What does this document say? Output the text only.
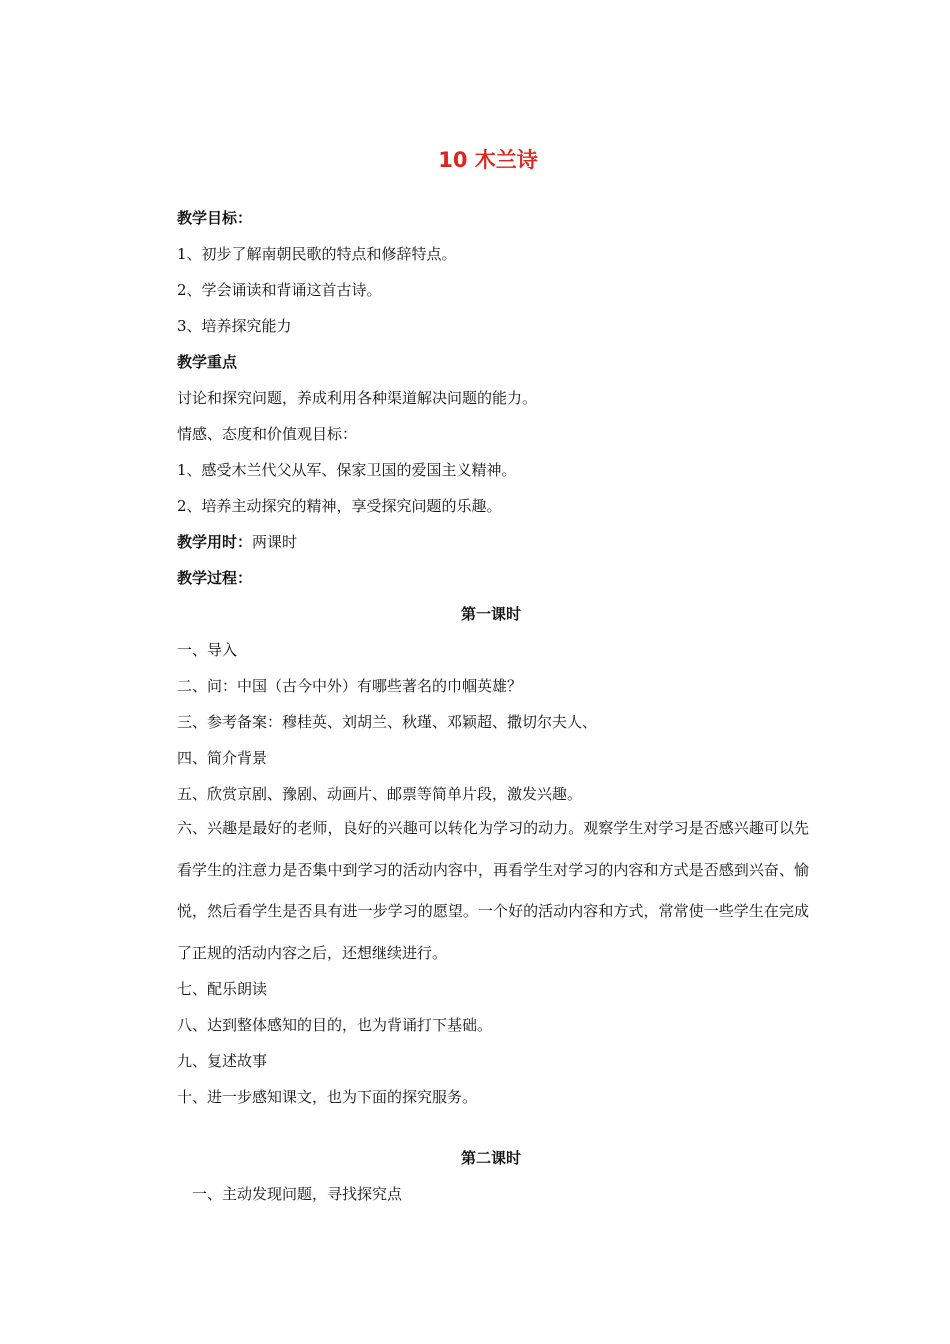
10 木兰诗
教学目标：
1、初步了解南朝民歌的特点和修辞特点。
2、学会诵读和背诵这首古诗。
3、培养探究能力
教学重点
讨论和探究问题，养成利用各种渠道解决问题的能力。
情感、态度和价值观目标：
1、感受木兰代父从军、保家卫国的爱国主义精神。
2、培养主动探究的精神，享受探究问题的乐趣。
教学用时：两课时
教学过程：
第一课时
一、导入
二、问：中国（古今中外）有哪些著名的巾帼英雄？
三、参考备案：穆桂英、刘胡兰、秋瑾、邓颖超、撒切尔夫人、
四、简介背景
五、欣赏京剧、豫剧、动画片、邮票等简单片段，激发兴趣。
六、兴趣是最好的老师，良好的兴趣可以转化为学习的动力。观察学生对学习是否感兴趣可以先看学生的注意力是否集中到学习的活动内容中，再看学生对学习的内容和方式是否感到兴奋、愉悦，然后看学生是否具有进一步学习的愿望。一个好的活动内容和方式，常常使一些学生在完成了正规的活动内容之后，还想继续进行。
七、配乐朗读
八、达到整体感知的目的，也为背诵打下基础。
九、复述故事
十、进一步感知课文，也为下面的探究服务。
第二课时
一、主动发现问题，寻找探究点
